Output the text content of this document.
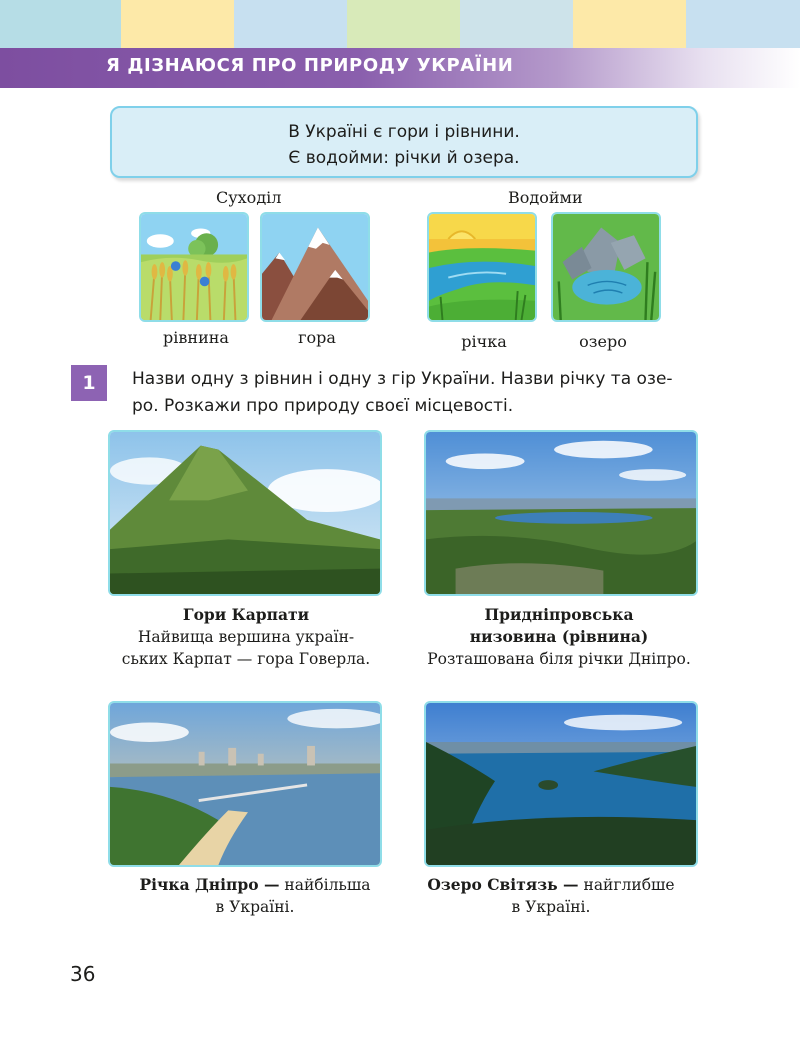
Я ДІЗНАЮСЯ ПРО ПРИРОДУ УКРАЇНИ
В Україні є гори і рівнини.
Є водойми: річки й озера.
Суходіл	Водойми
рівнина	гора	річка	озеро
1	Назви одну з рівнин і одну з гір України. Назви річку та озе-
ро. Розкажи про природу своєї місцевості.
Гори Карпати
Найвища вершина україн-
ських Карпат — гора Говерла.
Придніпровська
низовина (рівнина)
Розташована біля річки Дніпро.
Річка Дніпро — найбільша
в Україні.
Озеро Світязь — найглибше
в Україні.
36
